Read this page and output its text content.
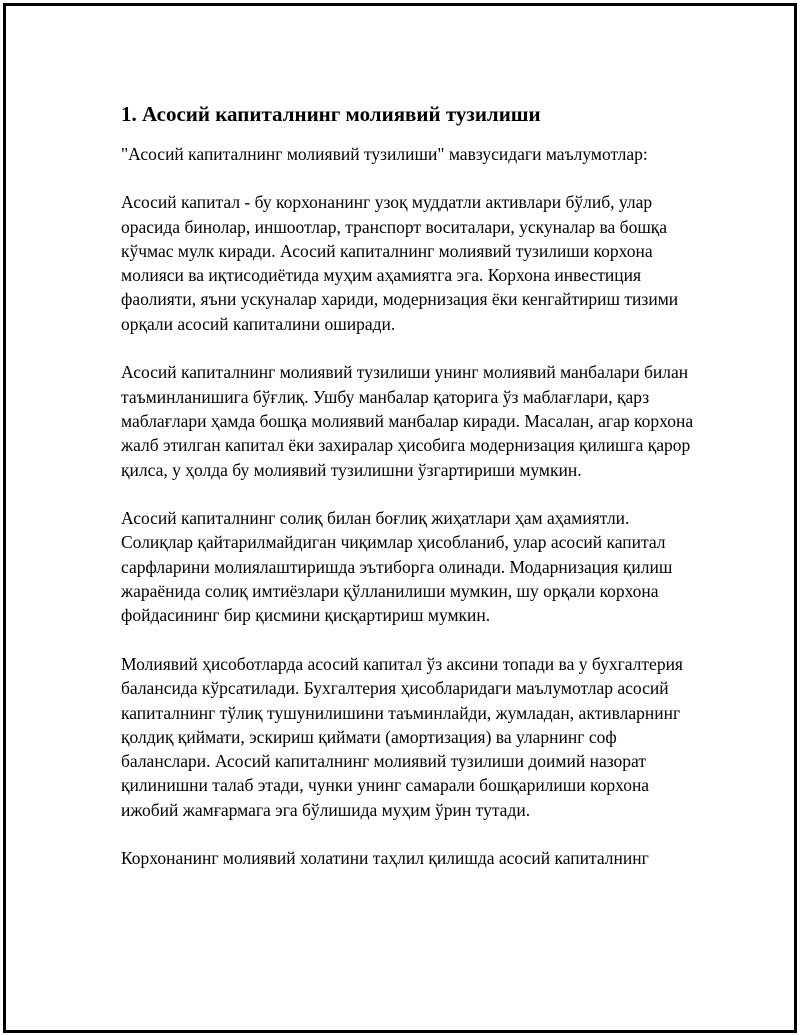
1. Асосий капиталнинг молиявий тузилиши

"Асосий капиталнинг молиявий тузилиши" мавзусидаги маълумотлар:

Асосий капитал - бу корхонанинг узоқ муддатли активлари бўлиб, улар орасида бинолар, иншоотлар, транспорт воситалари, ускуналар ва бошқа кўчмас мулк киради. Асосий капиталнинг молиявий тузилиши корхона молияси ва иқтисодиётида муҳим аҳамиятга эга. Корхона инвестиция фаолияти, яъни ускуналар хариди, модернизация ёки кенгайтириш тизими орқали асосий капиталини оширади.

Асосий капиталнинг молиявий тузилиши унинг молиявий манбалари билан таъминланишига бўғлиқ. Ушбу манбалар қаторига ўз маблағлари, қарз маблағлари ҳамда бошқа молиявий манбалар киради. Масалан, агар корхона жалб этилган капитал ёки захиралар ҳисобига модернизация қилишга қарор қилса, у ҳолда бу молиявий тузилишни ўзгартириши мумкин.

Асосий капиталнинг солиқ билан боғлиқ жиҳатлари ҳам аҳамиятли. Солиқлар қайтарилмайдиган чиқимлар ҳисобланиб, улар асосий капитал сарфларини молиялаштиришда эътиборга олинади. Модарнизация қилиш жараёнида солиқ имтиёзлари қўлланилиши мумкин, шу орқали корхона фойдасининг бир қисмини қисқартириш мумкин.

Молиявий ҳисоботларда асосий капитал ўз аксини топади ва у бухгалтерия балансида кўрсатилади. Бухгалтерия ҳисобларидаги маълумотлар асосий капиталнинг тўлиқ тушунилишини таъминлайди, жумладан, активларнинг қолдиқ қиймати, эскириш қиймати (амортизация) ва уларнинг соф баланслари. Асосий капиталнинг молиявий тузилиши доимий назорат қилинишни талаб этади, чунки унинг самарали бошқарилиши корхона ижобий жамғармага эга бўлишида муҳим ўрин тутади.

Корхонанинг молиявий холатини таҳлил қилишда асосий капиталнинг
